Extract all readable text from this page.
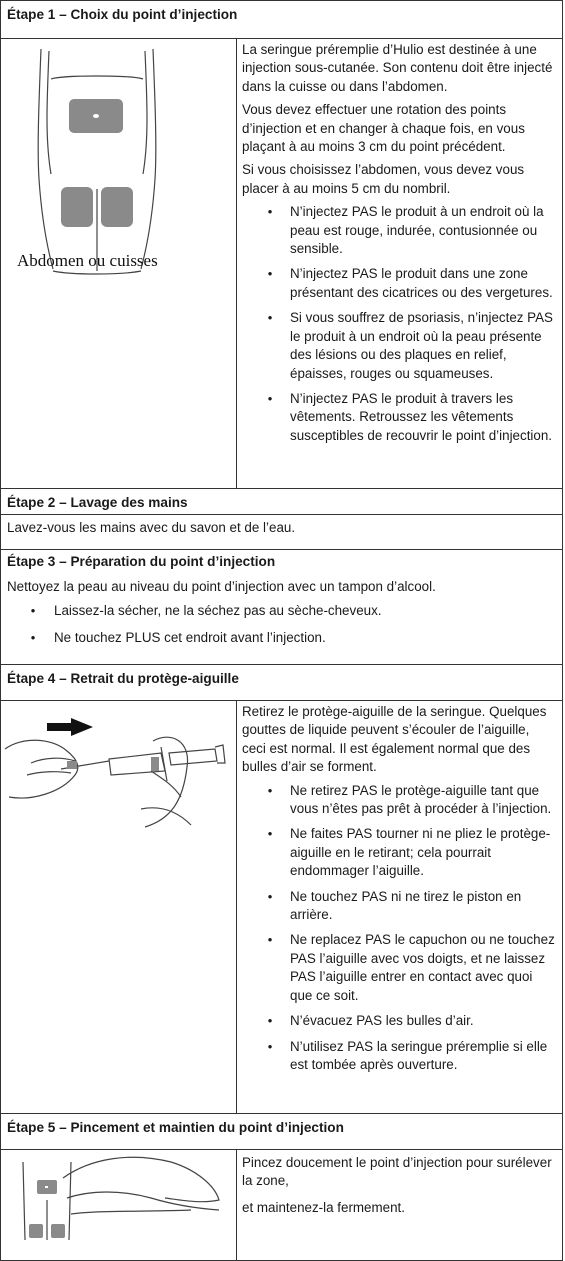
Étape 1 – Choix du point d’injection
Abdomen ou cuisses

La seringue préremplie d’Hulio est destinée à une injection sous-cutanée. Son contenu doit être injecté dans la cuisse ou dans l’abdomen.

Vous devez effectuer une rotation des points d’injection et en changer à chaque fois, en vous plaçant à au moins 3 cm du point précédent.

Si vous choisissez l’abdomen, vous devez vous placer à au moins 5 cm du nombril.

• N’injectez PAS le produit à un endroit où la peau est rouge, indurée, contusionnée ou sensible.
• N’injectez PAS le produit dans une zone présentant des cicatrices ou des vergetures.
• Si vous souffrez de psoriasis, n’injectez PAS le produit à un endroit où la peau présente des lésions ou des plaques en relief, épaisses, rouges ou squameuses.
• N’injectez PAS le produit à travers les vêtements. Retroussez les vêtements susceptibles de recouvrir le point d’injection.
Étape 2 – Lavage des mains
Lavez-vous les mains avec du savon et de l’eau.
Étape 3 – Préparation du point d’injection

Nettoyez la peau au niveau du point d’injection avec un tampon d’alcool.

• Laissez-la sécher, ne la séchez pas au sèche-cheveux.
• Ne touchez PLUS cet endroit avant l’injection.
Étape 4 – Retrait du protège-aiguille

Retirez le protège-aiguille de la seringue. Quelques gouttes de liquide peuvent s’écouler de l’aiguille, ceci est normal. Il est également normal que des bulles d’air se forment.

• Ne retirez PAS le protège-aiguille tant que vous n’êtes pas prêt à procéder à l’injection.
• Ne faites PAS tourner ni ne pliez le protège-aiguille en le retirant; cela pourrait endommager l’aiguille.
• Ne touchez PAS ni ne tirez le piston en arrière.
• Ne replacez PAS le capuchon ou ne touchez PAS l’aiguille avec vos doigts, et ne laissez PAS l’aiguille entrer en contact avec quoi que ce soit.
• N’évacuez PAS les bulles d’air.
• N’utilisez PAS la seringue préremplie si elle est tombée après ouverture.
Étape 5 – Pincement et maintien du point d’injection

Pincez doucement le point d’injection pour surélever la zone,

et maintenez-la fermement.
